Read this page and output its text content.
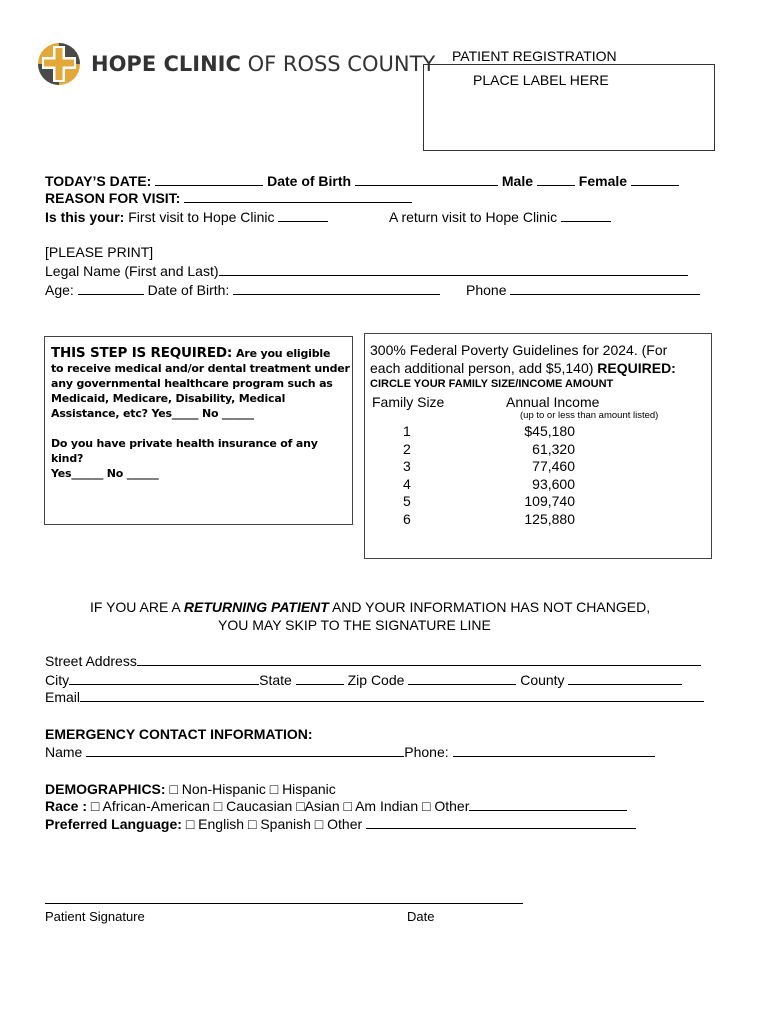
HOPE CLINIC OF ROSS COUNTY PATIENT REGISTRATION
PLACE LABEL HERE
TODAY’S DATE:	Date of Birth	Male	Female
REASON FOR VISIT:
Is this your: First visit to Hope Clinic	A return visit to Hope Clinic
[PLEASE PRINT]
Legal Name (First and Last)
Age:	Date of Birth:	Phone
THIS STEP IS REQUIRED: Are you eligible
to receive medical and/or dental treatment under
any governmental healthcare program such as
Medicaid, Medicare, Disability, Medical
Assistance, etc? Yes_____ No ______
Do you have private health insurance of any
kind?
Yes______ No ______
300% Federal Poverty Guidelines for 2024. (For
each additional person, add $5,140) REQUIRED:
CIRCLE YOUR FAMILY SIZE/INCOME AMOUNT
Family Size	Annual Income
(up to or less than amount listed)
1	$45,180
2	61,320
3	77,460
4	93,600
5	109,740
6	125,880
IF YOU ARE A RETURNING PATIENT AND YOUR INFORMATION HAS NOT CHANGED,
YOU MAY SKIP TO THE SIGNATURE LINE
Street Address
City	State	Zip Code	County
Email
EMERGENCY CONTACT INFORMATION:
Name	Phone:
DEMOGRAPHICS: □ Non-Hispanic □ Hispanic
Race : □ African-American □ Caucasian □Asian □ Am Indian □ Other
Preferred Language: □ English □ Spanish □ Other
Patient Signature	Date
